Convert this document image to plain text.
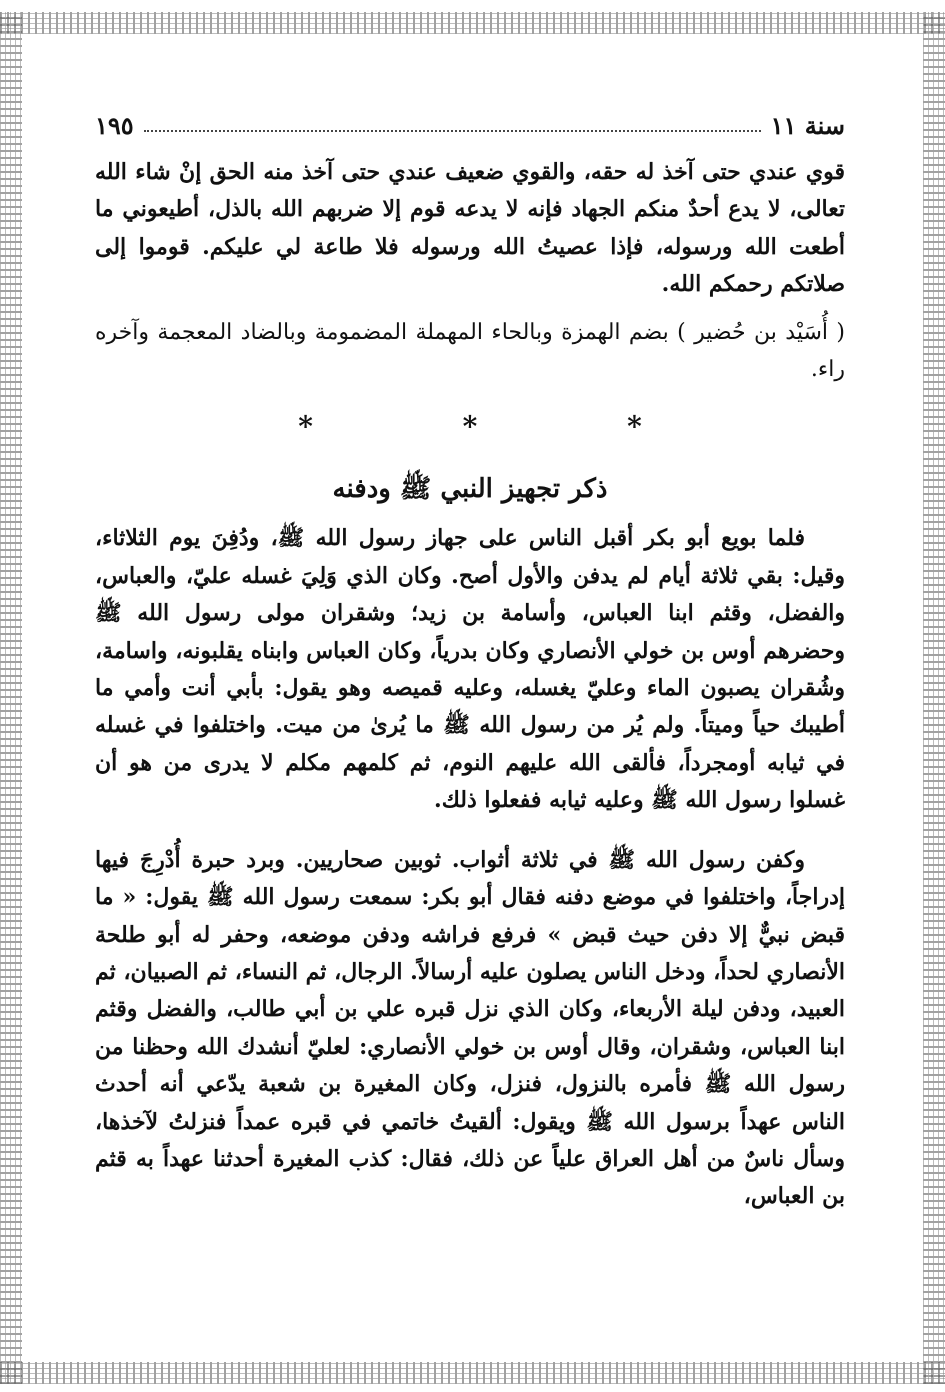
سنة ١١
١٩٥

قوي عندي حتى آخذ له حقه، والقوي ضعيف عندي حتى آخذ منه الحق إنْ شاء الله تعالى، لا يدع أحدٌ منكم الجهاد فإنه لا يدعه قوم إلا ضربهم الله بالذل، أطيعوني ما أطعت الله ورسوله، فإذا عصيتُ الله ورسوله فلا طاعة لي عليكم. قوموا إلى صلاتكم رحمكم الله.

( أُسَيْد بن حُضير ) بضم الهمزة وبالحاء المهملة المضمومة وبالضاد المعجمة وآخره راء.

* * *
ذكر تجهيز النبي ﷺ ودفنه

فلما بويع أبو بكر أقبل الناس على جهاز رسول الله ﷺ، ودُفِنَ يوم الثلاثاء، وقيل: بقي ثلاثة أيام لم يدفن والأول أصح. وكان الذي وَلِيَ غسله عليّ، والعباس، والفضل، وقثم ابنا العباس، وأسامة بن زيد؛ وشقران مولى رسول الله ﷺ وحضرهم أوس بن خولي الأنصاري وكان بدرياً، وكان العباس وابناه يقلبونه، واسامة، وشُقران يصبون الماء وعليّ يغسله، وعليه قميصه وهو يقول: بأبي أنت وأمي ما أطيبك حياً وميتاً. ولم يُر من رسول الله ﷺ ما يُرىٰ من ميت. واختلفوا في غسله في ثيابه أومجرداً، فألقى الله عليهم النوم، ثم كلمهم مكلم لا يدرى من هو أن غسلوا رسول الله ﷺ وعليه ثيابه ففعلوا ذلك.

وكفن رسول الله ﷺ في ثلاثة أثواب. ثوبين صحاريين. وبرد حبرة أُدْرِجَ فيها إدراجاً، واختلفوا في موضع دفنه فقال أبو بكر: سمعت رسول الله ﷺ يقول: « ما قبض نبيٌّ إلا دفن حيث قبض » فرفع فراشه ودفن موضعه، وحفر له أبو طلحة الأنصاري لحداً، ودخل الناس يصلون عليه أرسالاً. الرجال، ثم النساء، ثم الصبيان، ثم العبيد، ودفن ليلة الأربعاء، وكان الذي نزل قبره علي بن أبي طالب، والفضل وقثم ابنا العباس، وشقران، وقال أوس بن خولي الأنصاري: لعليّ أنشدك الله وحظنا من رسول الله ﷺ فأمره بالنزول، فنزل، وكان المغيرة بن شعبة يدّعي أنه أحدث الناس عهداً برسول الله ﷺ ويقول: ألقيتُ خاتمي في قبره عمداً فنزلتُ لآخذها، وسأل ناسٌ من أهل العراق علياً عن ذلك، فقال: كذب المغيرة أحدثنا عهداً به قثم بن العباس،
